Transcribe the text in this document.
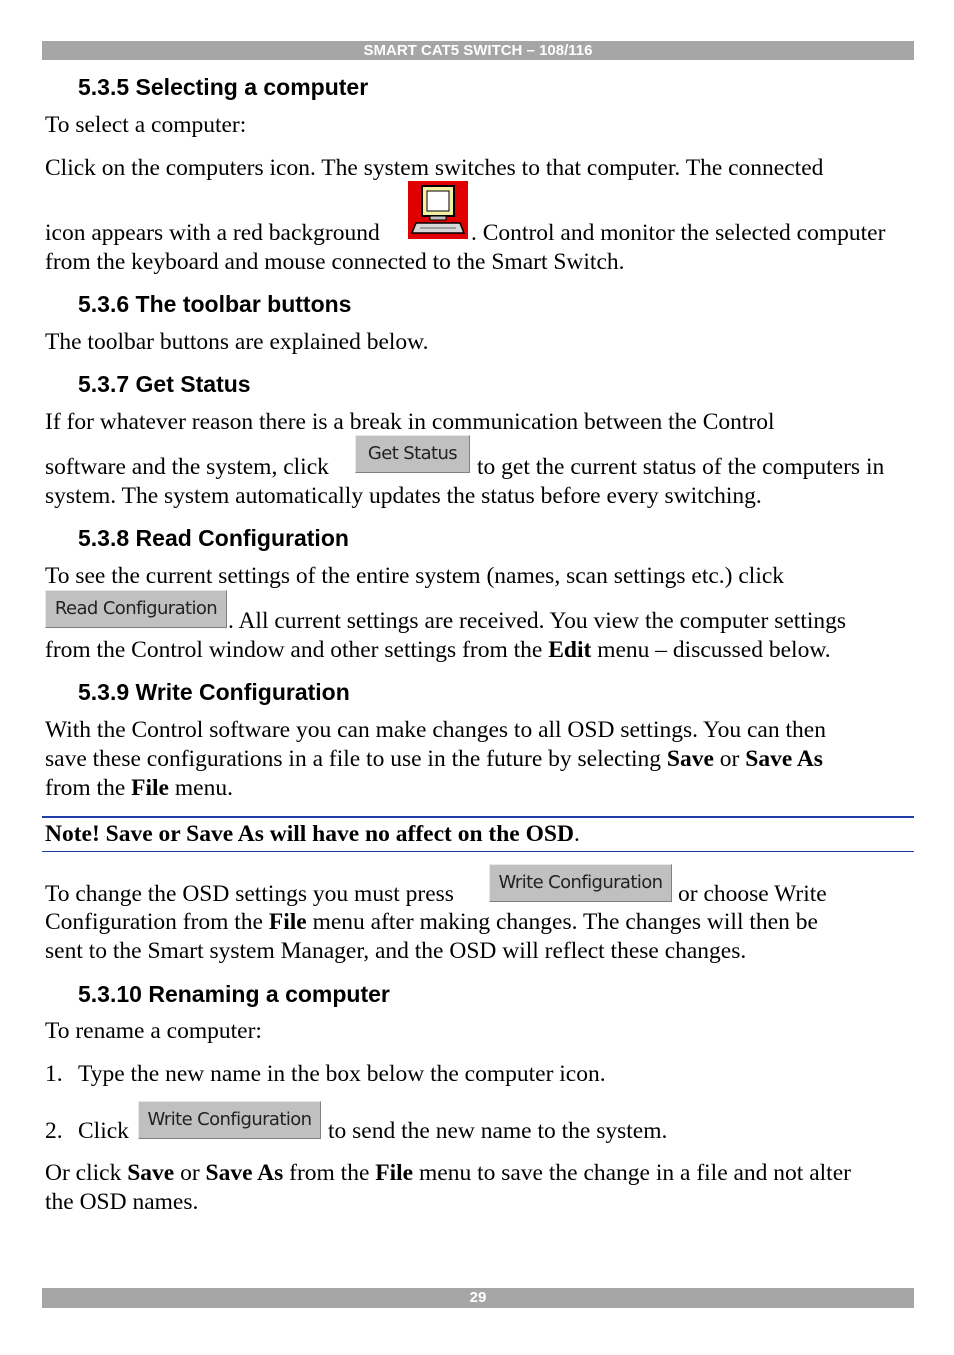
SMART CAT5 SWITCH – 108/116
5.3.5 Selecting a computer

To select a computer:

Click on the computers icon. The system switches to that computer. The connected

icon appears with a red background	. Control and monitor the selected computer

from the keyboard and mouse connected to the Smart Switch.

5.3.6 The toolbar buttons

The toolbar buttons are explained below.

5.3.7 Get Status

If for whatever reason there is a break in communication between the Control

software and the system, click

Get Status

to get the current status of the computers in

system. The system automatically updates the status before every switching.

5.3.8 Read Configuration

To see the current settings of the entire system (names, scan settings etc.) click

Read Configuration . All current settings are received. You view the computer settings

from the Control window and other settings from the Edit menu – discussed below.

5.3.9 Write Configuration

With the Control software you can make changes to all OSD settings. You can then

save these configurations in a file to use in the future by selecting Save or Save As

from the File menu.

Note! Save or Save As will have no affect on the OSD.

To change the OSD settings you must press	Write Configuration or choose Write

Configuration from the File menu after making changes. The changes will then be

sent to the Smart system Manager, and the OSD will reflect these changes.

5.3.10 Renaming a computer

To rename a computer:

1. Type the new name in the box below the computer icon.

2. Click	Write Configuration to send the new name to the system.

Or click Save or Save As from the File menu to save the change in a file and not alter

the OSD names.

29
